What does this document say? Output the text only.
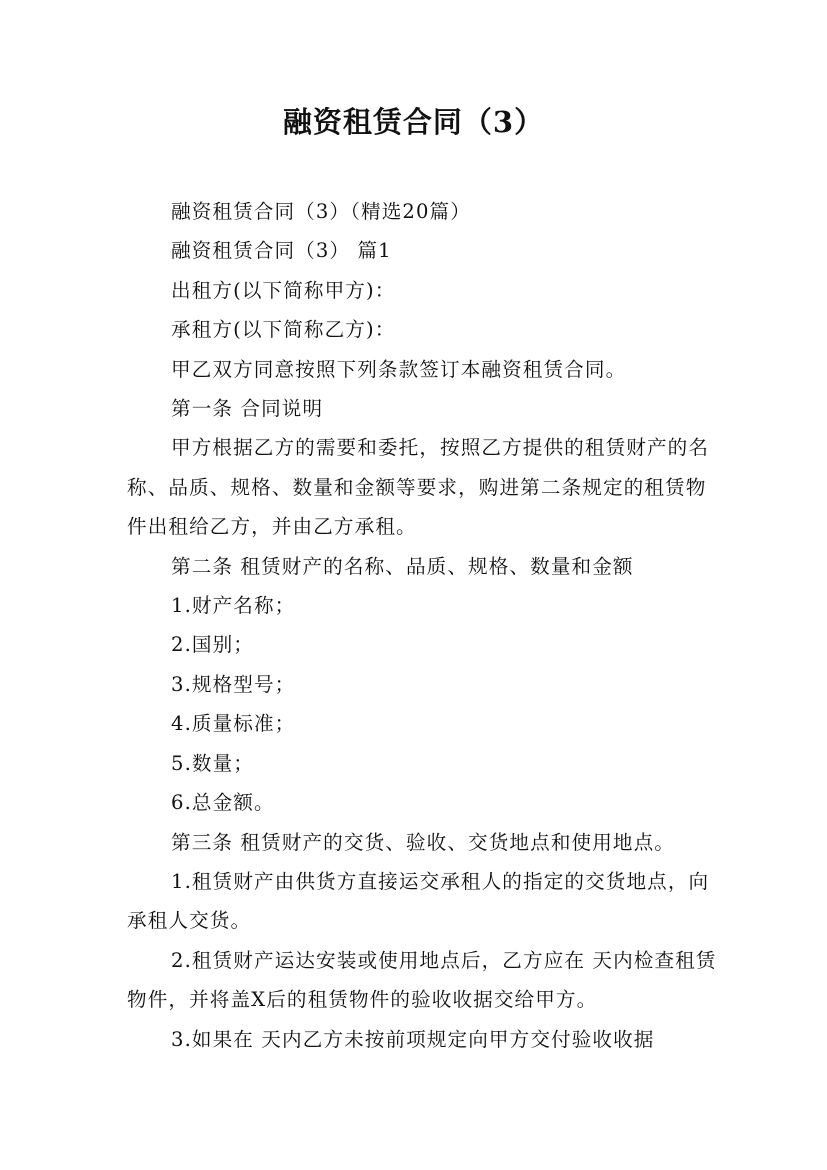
融资租赁合同（3）

融资租赁合同（3）（精选20篇）

融资租赁合同（3） 篇1

出租方(以下简称甲方)：

承租方(以下简称乙方)：

甲乙双方同意按照下列条款签订本融资租赁合同。

第一条 合同说明

甲方根据乙方的需要和委托，按照乙方提供的租赁财产的名称、品质、规格、数量和金额等要求，购进第二条规定的租赁物件出租给乙方，并由乙方承租。

第二条 租赁财产的名称、品质、规格、数量和金额

1.财产名称；

2.国别；

3.规格型号；

4.质量标准；

5.数量；

6.总金额。

第三条 租赁财产的交货、验收、交货地点和使用地点。

1.租赁财产由供货方直接运交承租人的指定的交货地点，向承租人交货。

2.租赁财产运达安装或使用地点后，乙方应在 天内检查租赁物件，并将盖X后的租赁物件的验收收据交给甲方。

3.如果在 天内乙方未按前项规定向甲方交付验收收据
